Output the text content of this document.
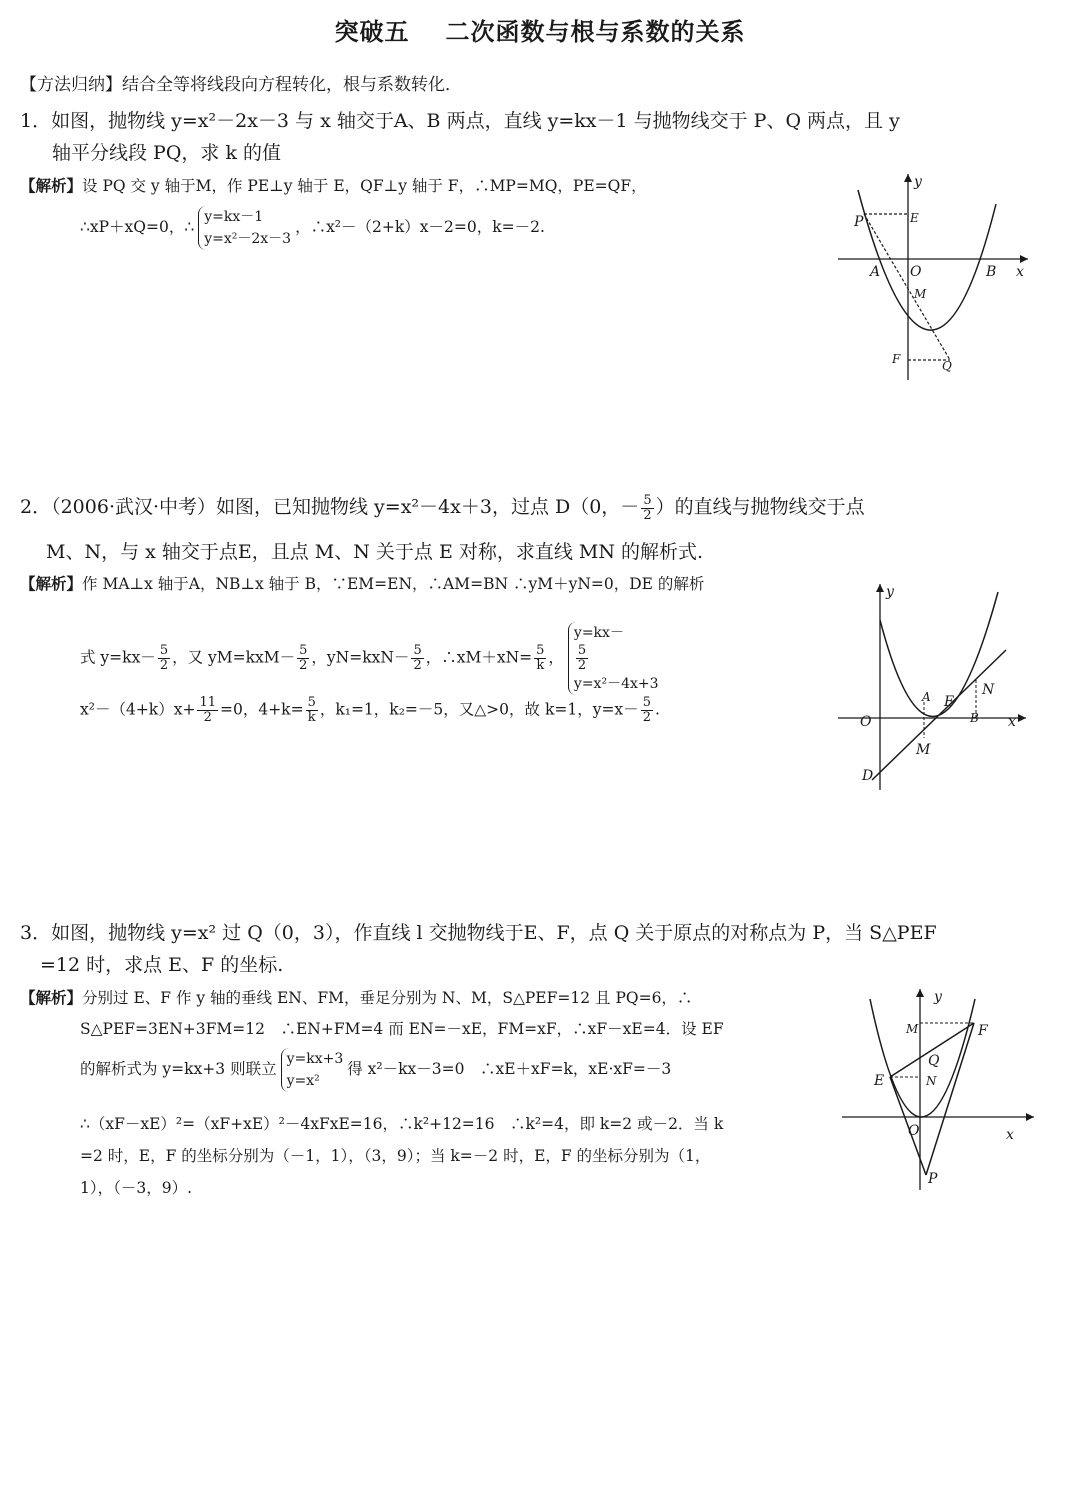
突破五 二次函数与根与系数的关系
【方法归纳】结合全等将线段向方程转化，根与系数转化．
1．如图，抛物线 y=x²－2x－3 与 x 轴交于A、B 两点，直线 y=kx－1 与抛物线交于 P、Q 两点，且 y
轴平分线段 PQ，求 k 的值
【解析】设 PQ 交 y 轴于M，作 PE⊥y 轴于 E，QF⊥y 轴于 F，∴MP=MQ，PE=QF，
∴xP＋xQ=0，∴
y=kx－1
y=x²－2x－3
，∴x²－（2+k）x－2=0，k=－2.
y
x
P	E
A O	B
M
F	Q
2．（2006·武汉·中考）如图，已知抛物线 y=x²－4x＋3，过点 D（0，－ $\frac{5}{2}$ ）的直线与抛物线交于点
M、N，与 x 轴交于点E，且点 M、N 关于点 E 对称，求直线 MN 的解析式.
【解析】作 MA⊥x 轴于A，NB⊥x 轴于 B，∵EM=EN，∴AM=BN ∴yM＋yN=0，DE 的解析
式 $y=kx- \frac{5}{2}$ ，又 $yM=kxM- \frac{5}{2}$ ，$yN=kxN- \frac{5}{2}$ ，∴xM＋xN= $\frac{5}{k}$ ，
y=kx－
$\frac{5}{2}$
y=x²－4x+3
$x^2-(4+k)x+ \frac{11}{2} =0$，$4+k= \frac{5}{k}$ ，k₁=1，k₂=－5，又△>0，故 k=1，$y=x- \frac{5}{2}$ .
y
x
O
A E
N
B
M
D
3．如图，抛物线 y=x² 过 Q（0，3），作直线 l 交抛物线于E、F，点 Q 关于原点的对称点为 P，当 S△PEF
=12 时，求点 E、F 的坐标.
【解析】分别过 E、F 作 y 轴的垂线 EN、FM，垂足分别为 N、M，S△PEF=12 且 PQ=6，∴
S△PEF=3EN+3FM=12　∴EN+FM=4 而 EN=－xE，FM=xF，∴xF－xE=4．设 EF
的解析式为 y=kx+3 则联立
y=kx+3
y=x²
得 x²－kx－3=0　∴xE＋xF=k，xE·xF=－3
∴（xF－xE）²=（xF+xE）²－4xFxE=16，∴k²+12=16　∴k²=4，即 k=2 或－2．当 k
=2 时，E，F 的坐标分别为（－1，1），（3，9）；当 k=－2 时，E，F 的坐标分别为（1，
1），（－3，9）.
y
x
M	F
Q
E	N
O
P
